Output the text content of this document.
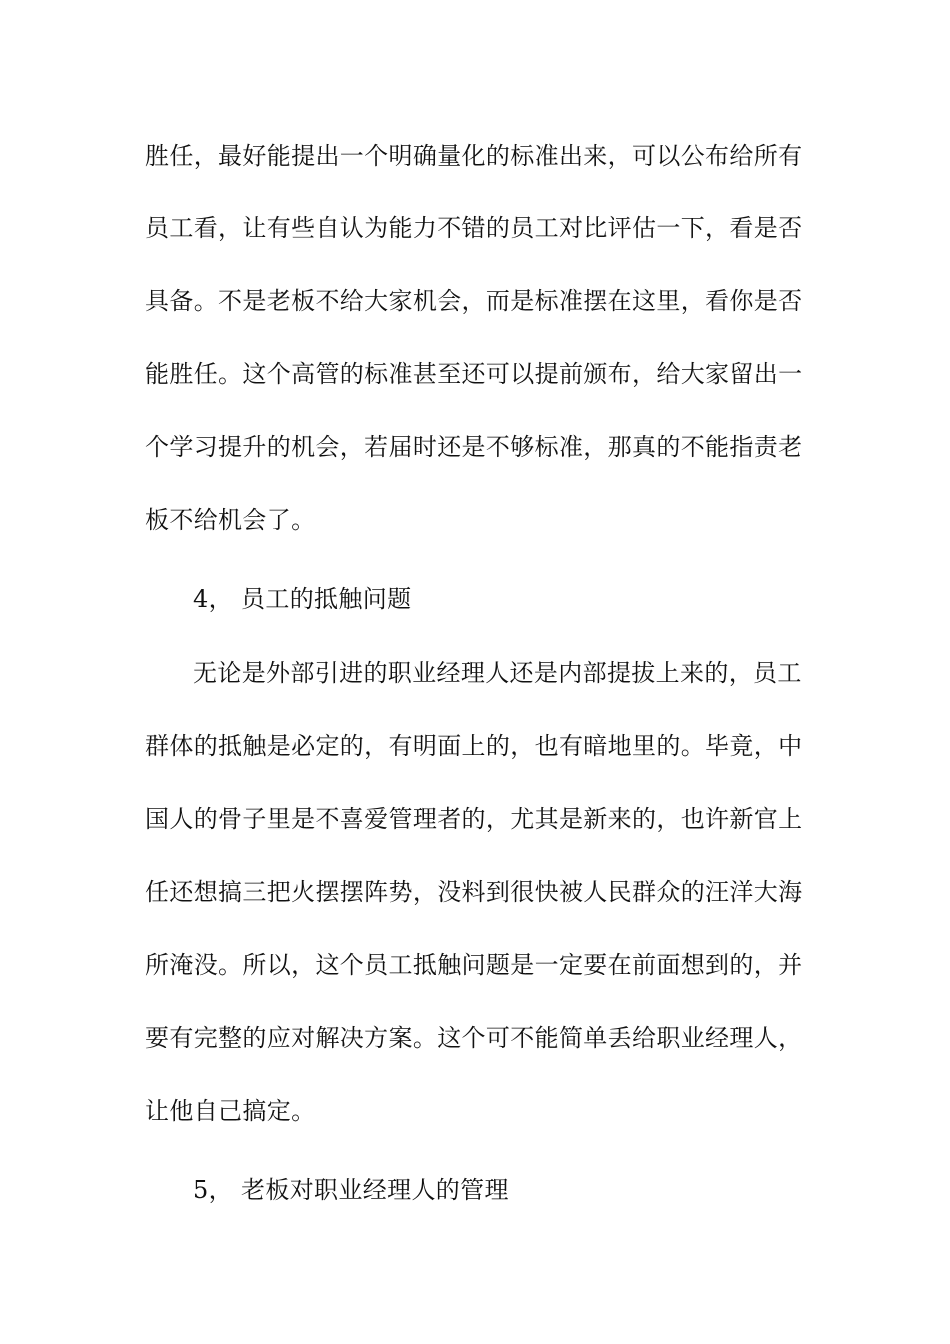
胜任，最好能提出一个明确量化的标准出来，可以公布给所有
员工看，让有些自认为能力不错的员工对比评估一下，看是否
具备。不是老板不给大家机会，而是标准摆在这里，看你是否
能胜任。这个高管的标准甚至还可以提前颁布，给大家留出一
个学习提升的机会，若届时还是不够标准，那真的不能指责老
板不给机会了。
4， 员工的抵触问题
无论是外部引进的职业经理人还是内部提拔上来的，员工
群体的抵触是必定的，有明面上的，也有暗地里的。毕竟，中
国人的骨子里是不喜爱管理者的，尤其是新来的，也许新官上
任还想搞三把火摆摆阵势，没料到很快被人民群众的汪洋大海
所淹没。所以，这个员工抵触问题是一定要在前面想到的，并
要有完整的应对解决方案。这个可不能简单丢给职业经理人，
让他自己搞定。
5， 老板对职业经理人的管理
